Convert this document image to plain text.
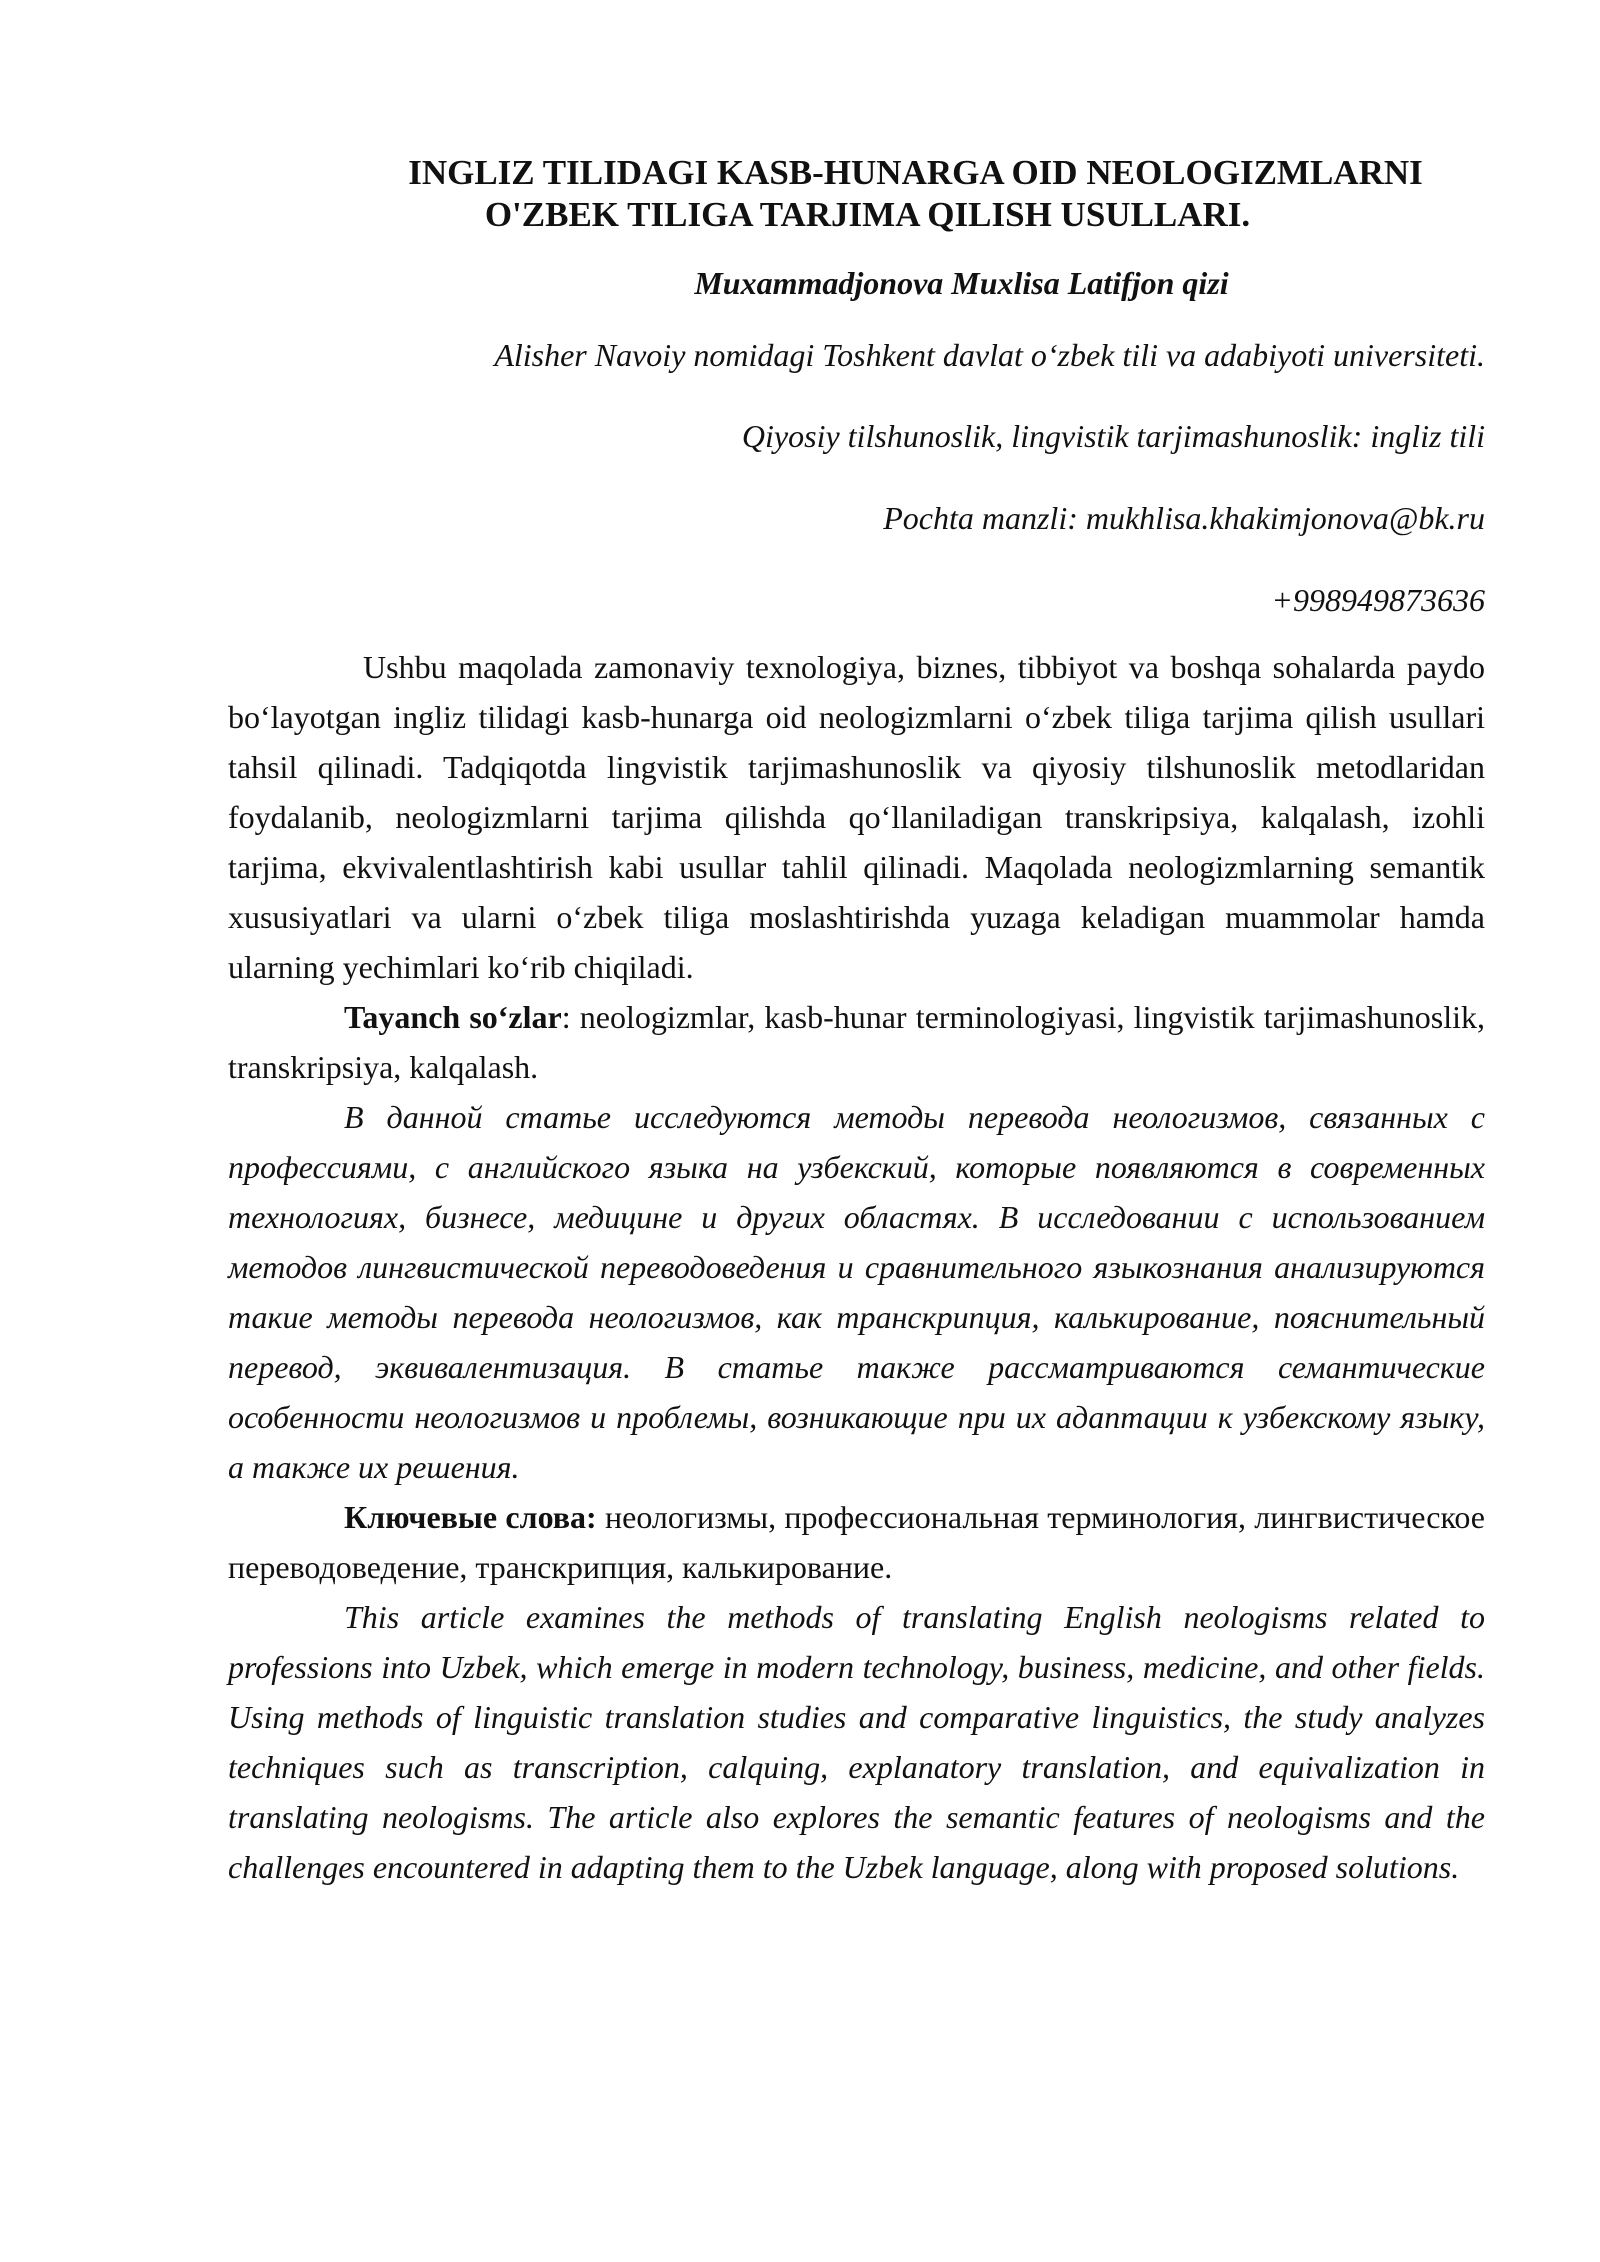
INGLIZ TILIDAGI KASB-HUNARGA OID NEOLOGIZMLARNI
O'ZBEK TILIGA TARJIMA QILISH USULLARI.
Muxammadjonova Muxlisa Latifjon qizi
Alisher Navoiy nomidagi Toshkent davlat o‘zbek tili va adabiyoti universiteti.
Qiyosiy tilshunoslik, lingvistik tarjimashunoslik: ingliz tili
Pochta manzli: mukhlisa.khakimjonova@bk.ru
+998949873636

Ushbu maqolada zamonaviy texnologiya, biznes, tibbiyot va boshqa sohalarda paydo bo‘layotgan ingliz tilidagi kasb-hunarga oid neologizmlarni o‘zbek tiliga tarjima qilish usullari tahsil qilinadi. Tadqiqotda lingvistik tarjimashunoslik va qiyosiy tilshunoslik metodlaridan foydalanib, neologizmlarni tarjima qilishda qo‘llaniladigan transkripsiya, kalqalash, izohli tarjima, ekvivalentlashtirish kabi usullar tahlil qilinadi. Maqolada neologizmlarning semantik xususiyatlari va ularni o‘zbek tiliga moslashtirishda yuzaga keladigan muammolar hamda ularning yechimlari ko‘rib chiqiladi.

Tayanch so‘zlar: neologizmlar, kasb-hunar terminologiyasi, lingvistik tarjimashunoslik, transkripsiya, kalqalash.

В данной статье исследуются методы перевода неологизмов, связанных с профессиями, с английского языка на узбекский, которые появляются в современных технологиях, бизнесе, медицине и других областях. В исследовании с использованием методов лингвистической переводоведения и сравнительного языкознания анализируются такие методы перевода неологизмов, как транскрипция, калькирование, пояснительный перевод, эквивалентизация. В статье также рассматриваются семантические особенности неологизмов и проблемы, возникающие при их адаптации к узбекскому языку, а также их решения.

Ключевые слова: неологизмы, профессиональная терминология, лингвистическое переводоведение, транскрипция, калькирование.

This article examines the methods of translating English neologisms related to professions into Uzbek, which emerge in modern technology, business, medicine, and other fields. Using methods of linguistic translation studies and comparative linguistics, the study analyzes techniques such as transcription, calquing, explanatory translation, and equivalization in translating neologisms. The article also explores the semantic features of neologisms and the challenges encountered in adapting them to the Uzbek language, along with proposed solutions.
